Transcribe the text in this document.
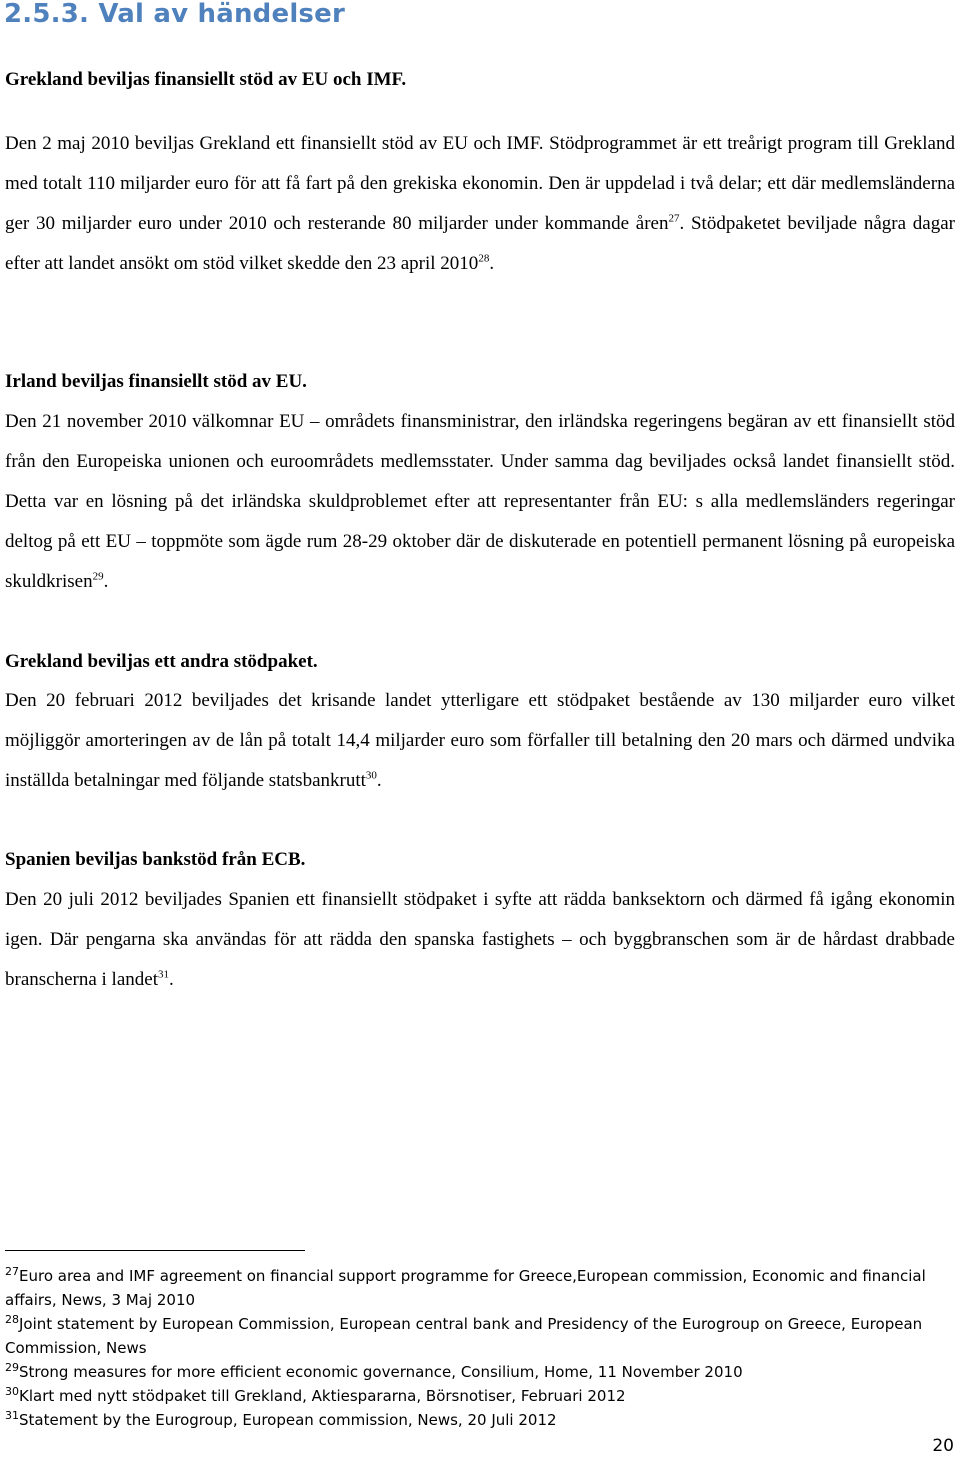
2.5.3. Val av händelser

Grekland beviljas finansiellt stöd av EU och IMF.

Den 2 maj 2010 beviljas Grekland ett finansiellt stöd av EU och IMF. Stödprogrammet är ett treårigt program till Grekland med totalt 110 miljarder euro för att få fart på den grekiska ekonomin. Den är uppdelad i två delar; ett där medlemsländerna ger 30 miljarder euro under 2010 och resterande 80 miljarder under kommande åren$^{27}$. Stödpaketet beviljade några dagar efter att landet ansökt om stöd vilket skedde den 23 april 2010$^{28}$.

Irland beviljas finansiellt stöd av EU.

Den 21 november 2010 välkomnar EU – områdets finansministrar, den irländska regeringens begäran av ett finansiellt stöd från den Europeiska unionen och euroområdets medlemsstater. Under samma dag beviljades också landet finansiellt stöd. Detta var en lösning på det irländska skuldproblemet efter att representanter från EU: s alla medlemsländers regeringar deltog på ett EU – toppmöte som ägde rum 28-29 oktober där de diskuterade en potentiell permanent lösning på europeiska skuldkrisen$^{29}$.

Grekland beviljas ett andra stödpaket.

Den 20 februari 2012 beviljades det krisande landet ytterligare ett stödpaket bestående av 130 miljarder euro vilket möjliggör amorteringen av de lån på totalt 14,4 miljarder euro som förfaller till betalning den 20 mars och därmed undvika inställda betalningar med följande statsbankrutt$^{30}$.

Spanien beviljas bankstöd från ECB.

Den 20 juli 2012 beviljades Spanien ett finansiellt stödpaket i syfte att rädda banksektorn och därmed få igång ekonomin igen. Där pengarna ska användas för att rädda den spanska fastighets – och byggbranschen som är de hårdast drabbade branscherna i landet$^{31}$.

$^{27}$Euro area and IMF agreement on financial support programme for Greece,European commission, Economic and financial affairs, News, 3 Maj 2010

$^{28}$Joint statement by European Commission, European central bank and Presidency of the Eurogroup on Greece, European Commission, News

$^{29}$Strong measures for more efficient economic governance, Consilium, Home, 11 November 2010

$^{30}$Klart med nytt stödpaket till Grekland, Aktiespararna, Börsnotiser, Februari 2012

$^{31}$Statement by the Eurogroup, European commission, News, 20 Juli 2012

20
